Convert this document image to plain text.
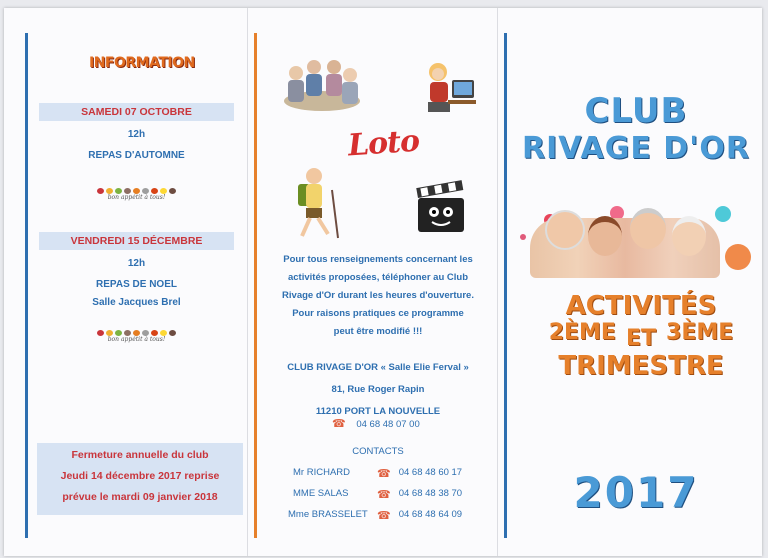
INFORMATION
SAMEDI 07 OCTOBRE
12h
REPAS D'AUTOMNE
bon appétit à tous!
VENDREDI 15 DÉCEMBRE
12h
REPAS DE NOEL
Salle Jacques Brel
bon appétit à tous!
Fermeture annuelle du club
Jeudi 14 décembre 2017 reprise
prévue le mardi 09 janvier 2018
Loto
Pour tous renseignements concernant les
activités proposées, téléphoner au Club
Rivage d'Or durant les heures d'ouverture.
Pour raisons pratiques ce programme
peut être modifié !!!
CLUB RIVAGE D'OR « Salle Elie Ferval »
81, Rue Roger Rapin
11210 PORT LA NOUVELLE
☎ 04 68 48 07 00
CONTACTS
Mr RICHARD	☎ 04 68 48 60 17
MME SALAS	☎ 04 68 48 38 70
Mme BRASSELET ☎ 04 68 48 64 09
CLUB
RIVAGE D'OR
ACTIVITÉS
2ÈME ET 3ÈME
TRIMESTRE
2017
